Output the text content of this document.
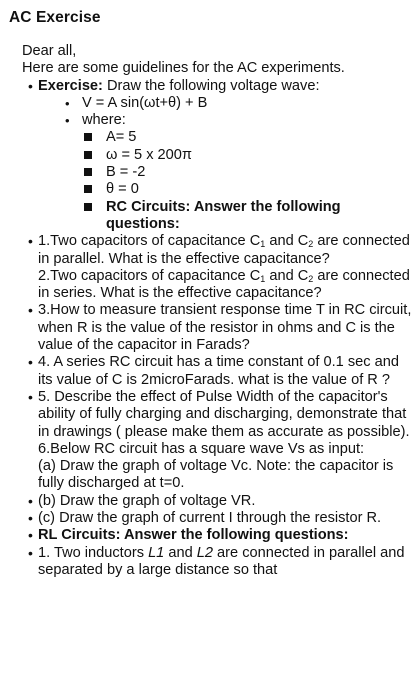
AC Exercise
Dear all,
Here are some guidelines for the AC experiments.
• Exercise: Draw the following voltage wave:
• V = A sin(ωt+θ) + B
• where:
A= 5
ω = 5 x 200π
B = -2
θ = 0
RC Circuits: Answer the following questions:
• 1.Two capacitors of capacitance $C_1$ and $C_2$ are connected in parallel. What is the effective capacitance?
2.Two capacitors of capacitance $C_1$ and $C_2$ are connected in series. What is the effective capacitance?
• 3.How to measure transient response time T in RC circuit, when R is the value of the resistor in ohms and C is the value of the capacitor in Farads?
• 4. A series RC circuit has a time constant of 0.1 sec and its value of C is 2microFarads. what is the value of R ?
• 5. Describe the effect of Pulse Width of the capacitor's ability of fully charging and discharging, demonstrate that in drawings ( please make them as accurate as possible). 6.Below RC circuit has a square wave Vs as input:
(a) Draw the graph of voltage Vc. Note: the capacitor is fully discharged at t=0.
• (b) Draw the graph of voltage VR.
• (c) Draw the graph of current I through the resistor R.
• RL Circuits: Answer the following questions:
• 1. Two inductors L1 and L2 are connected in parallel and separated by a large distance so that
